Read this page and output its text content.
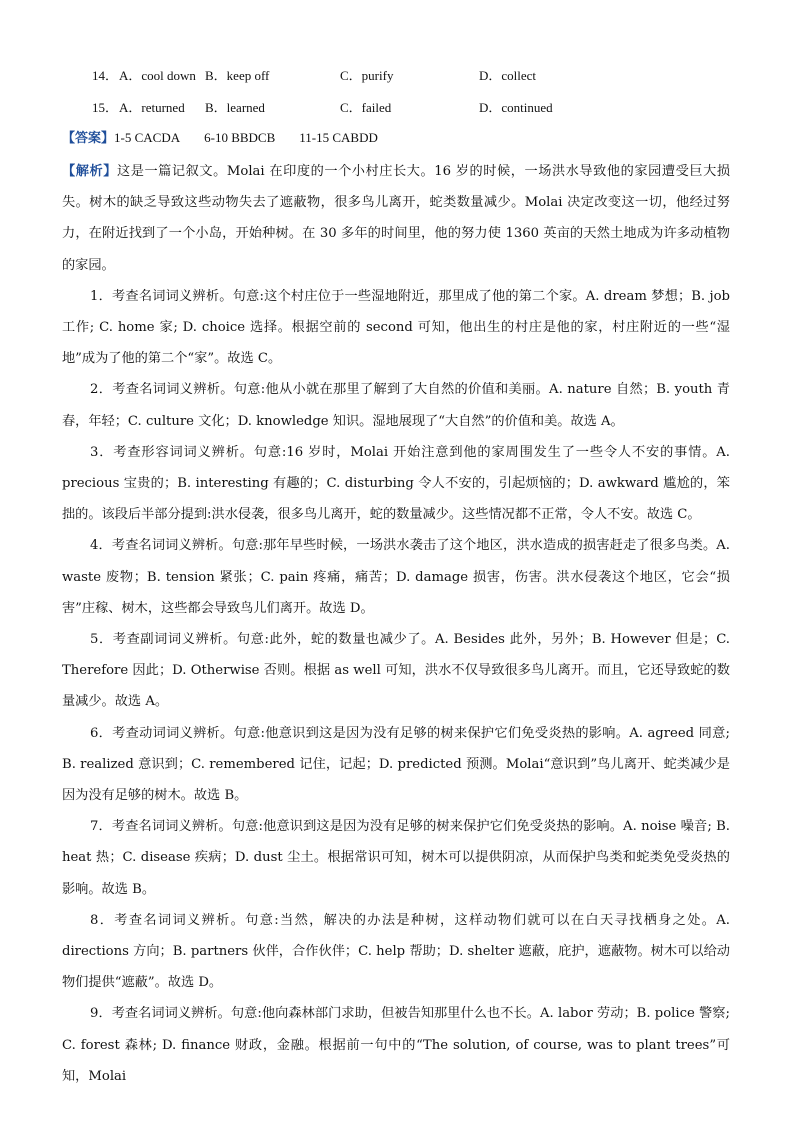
14． A．cool down B．keep off	C．purify	D．collect
15． A．returned B．learned	C．failed	D．continued
【答案】1-5 CACDA 6-10 BBDCB 11-15 CABDD

【解析】这是一篇记叙文。Molai 在印度的一个小村庄长大。16 岁的时候，一场洪水导致他的家园遭受巨大损失。树木的缺乏导致这些动物失去了遮蔽物，很多鸟儿离开，蛇类数量减少。Molai 决定改变这一切，他经过努力，在附近找到了一个小岛，开始种树。在 30 多年的时间里，他的努力使 1360 英亩的天然土地成为许多动植物的家园。

1．考查名词词义辨析。句意:这个村庄位于一些湿地附近，那里成了他的第二个家。A. dream 梦想；B. job 工作; C. home 家; D. choice 选择。根据空前的 second 可知，他出生的村庄是他的家，村庄附近的一些“湿地”成为了他的第二个“家”。故选 C。

2．考查名词词义辨析。句意:他从小就在那里了解到了大自然的价值和美丽。A. nature 自然；B. youth 青春，年轻；C. culture 文化；D. knowledge 知识。湿地展现了“大自然”的价值和美。故选 A。

3．考查形容词词义辨析。句意:16 岁时，Molai 开始注意到他的家周围发生了一些令人不安的事情。A. precious 宝贵的；B. interesting 有趣的；C. disturbing 令人不安的，引起烦恼的；D. awkward 尴尬的，笨拙的。该段后半部分提到:洪水侵袭，很多鸟儿离开，蛇的数量减少。这些情况都不正常，令人不安。故选 C。

4．考查名词词义辨析。句意:那年早些时候，一场洪水袭击了这个地区，洪水造成的损害赶走了很多鸟类。A. waste 废物；B. tension 紧张；C. pain 疼痛，痛苦；D. damage 损害，伤害。洪水侵袭这个地区，它会“损害”庄稼、树木，这些都会导致鸟儿们离开。故选 D。

5．考查副词词义辨析。句意:此外，蛇的数量也减少了。A. Besides 此外，另外；B. However 但是；C. Therefore 因此；D. Otherwise 否则。根据 as well 可知，洪水不仅导致很多鸟儿离开。而且，它还导致蛇的数量减少。故选 A。

6．考查动词词义辨析。句意:他意识到这是因为没有足够的树来保护它们免受炎热的影响。A. agreed 同意; B. realized 意识到；C. remembered 记住，记起；D. predicted 预测。Molai“意识到”鸟儿离开、蛇类减少是因为没有足够的树木。故选 B。

7．考查名词词义辨析。句意:他意识到这是因为没有足够的树来保护它们免受炎热的影响。A. noise 噪音; B. heat 热；C. disease 疾病；D. dust 尘土。根据常识可知，树木可以提供阴凉，从而保护鸟类和蛇类免受炎热的影响。故选 B。

8．考查名词词义辨析。句意:当然，解决的办法是种树，这样动物们就可以在白天寻找栖身之处。A. directions 方向；B. partners 伙伴，合作伙伴；C. help 帮助；D. shelter 遮蔽，庇护，遮蔽物。树木可以给动物们提供“遮蔽”。故选 D。

9．考查名词词义辨析。句意:他向森林部门求助，但被告知那里什么也不长。A. labor 劳动；B. police 警察; C. forest 森林; D. finance 财政，金融。根据前一句中的“The solution, of course, was to plant trees”可知，Molai
